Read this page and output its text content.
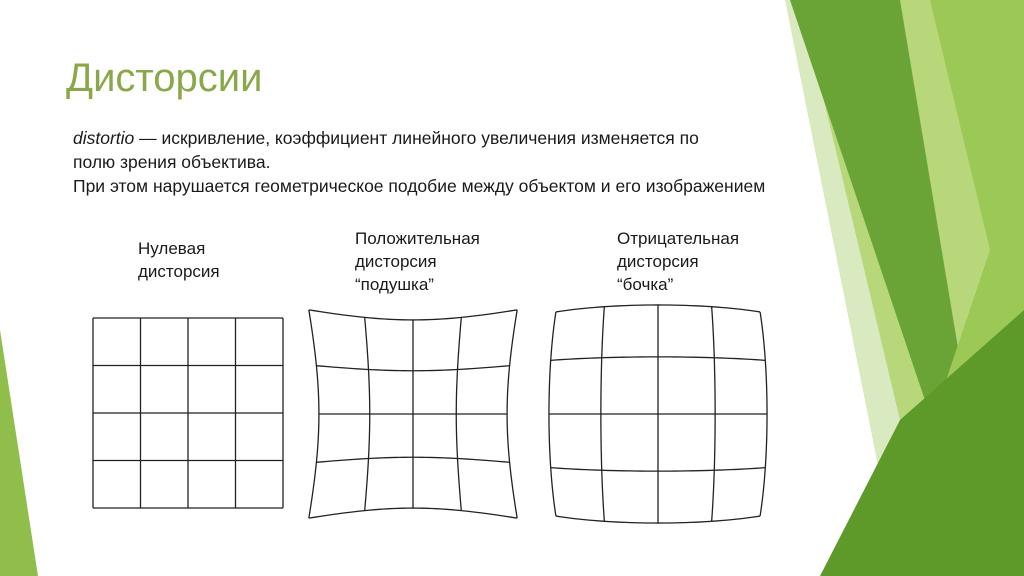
Дисторсии
distortio — искривление, коэффициент линейного увеличения изменяется по
полю зрения объектива.
При этом нарушается геометрическое подобие между объектом и его изображением
Нулевая
дисторсия
Положительная
дисторсия
“подушка”
Отрицательная
дисторсия
“бочка”
